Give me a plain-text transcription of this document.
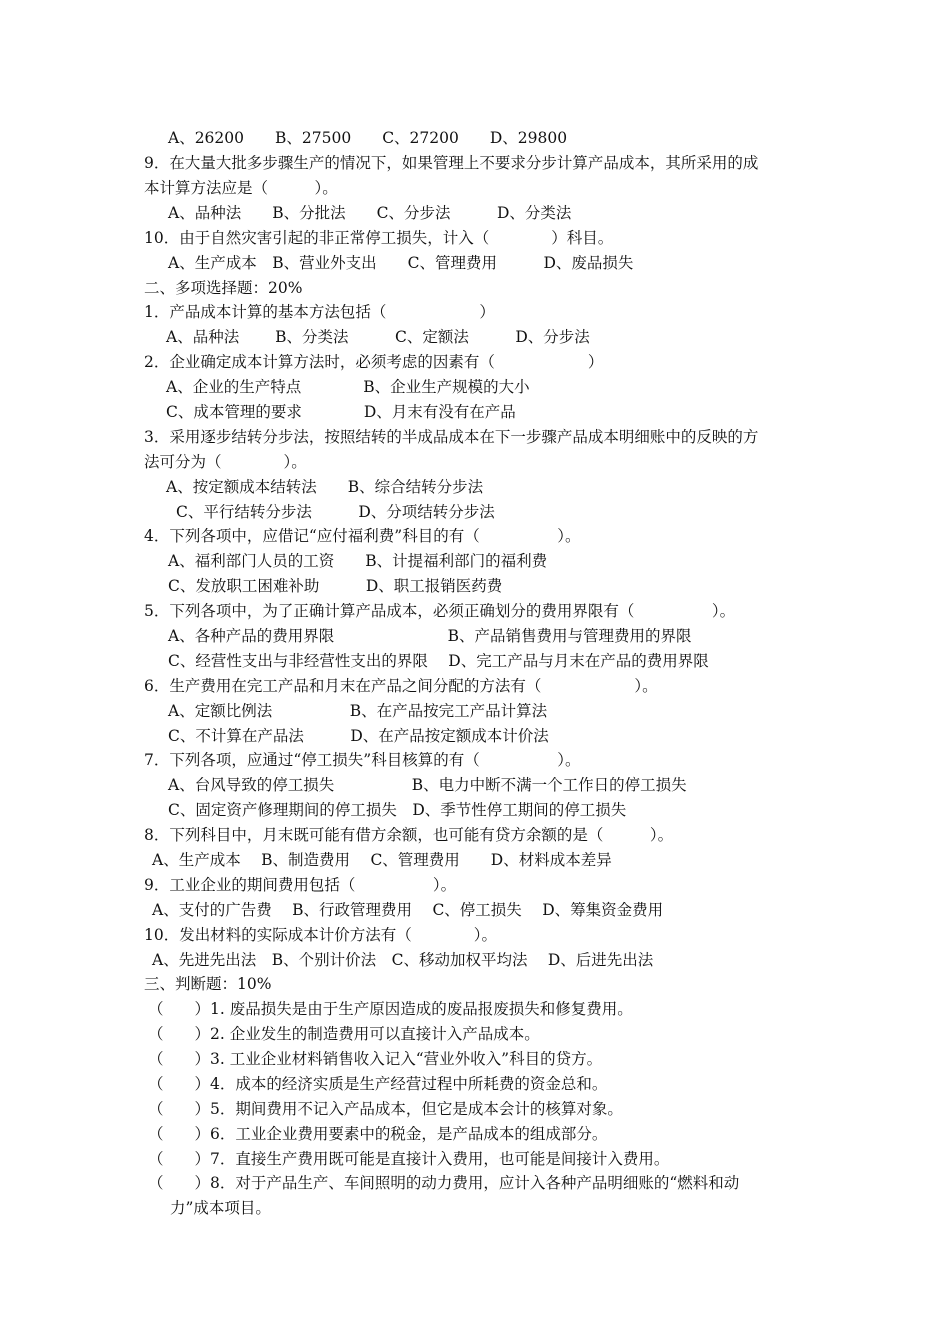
A、26200　　B、27500　　C、27200　　D、29800
9．在大量大批多步骤生产的情况下，如果管理上不要求分步计算产品成本，其所采用的成
本计算方法应是（　　　）。
A、品种法　　B、分批法　　C、分步法　　　D、分类法
10．由于自然灾害引起的非正常停工损失，计入（　　　　）科目。
A、生产成本　B、营业外支出　　C、管理费用　　　D、废品损失
二、多项选择题：20%
1．产品成本计算的基本方法包括（　　　　　　）
A、品种法　　 B、分类法　　　C、定额法　　　D、分步法
2．企业确定成本计算方法时，必须考虑的因素有（　　　　　　）
A、企业的生产特点　　　　B、企业生产规模的大小
C、成本管理的要求　　　　D、月末有没有在产品
3．采用逐步结转分步法，按照结转的半成品成本在下一步骤产品成本明细账中的反映的方
法可分为（　　　　）。
A、按定额成本结转法　　B、综合结转分步法
C、平行结转分步法　　　D、分项结转分步法
4．下列各项中，应借记“应付福利费”科目的有（　　　　　）。
A、福利部门人员的工资　　B、计提福利部门的福利费
C、发放职工困难补助　　　D、职工报销医药费
5．下列各项中，为了正确计算产品成本，必须正确划分的费用界限有（　　　　　）。
A、各种产品的费用界限　　　　　　　 B、产品销售费用与管理费用的界限
C、经营性支出与非经营性支出的界限　 D、完工产品与月末在产品的费用界限
6．生产费用在完工产品和月末在产品之间分配的方法有（　　　　　　）。
A、定额比例法　　　　　B、在产品按完工产品计算法
C、不计算在产品法　　　D、在产品按定额成本计价法
7．下列各项，应通过“停工损失”科目核算的有（　　　　　）。
A、台风导致的停工损失　　　　　B、电力中断不满一个工作日的停工损失
C、固定资产修理期间的停工损失　D、季节性停工期间的停工损失
8．下列科目中，月末既可能有借方余额，也可能有贷方余额的是（　　　）。
A、生产成本　 B、制造费用　 C、管理费用　　D、材料成本差异
9．工业企业的期间费用包括（　　　　　）。
A、支付的广告费　 B、行政管理费用　 C、停工损失　 D、筹集资金费用
10．发出材料的实际成本计价方法有（　　　　）。
A、先进先出法　B、个别计价法　C、移动加权平均法　 D、后进先出法
三、判断题：10%
（　　）1. 废品损失是由于生产原因造成的废品报废损失和修复费用。
（　　）2. 企业发生的制造费用可以直接计入产品成本。
（　　）3. 工业企业材料销售收入记入“营业外收入”科目的贷方。
（　　）4．成本的经济实质是生产经营过程中所耗费的资金总和。
（　　）5．期间费用不记入产品成本，但它是成本会计的核算对象。
（　　）6．工业企业费用要素中的税金，是产品成本的组成部分。
（　　）7．直接生产费用既可能是直接计入费用，也可能是间接计入费用。
（　　）8．对于产品生产、车间照明的动力费用，应计入各种产品明细账的“燃料和动
力”成本项目。
